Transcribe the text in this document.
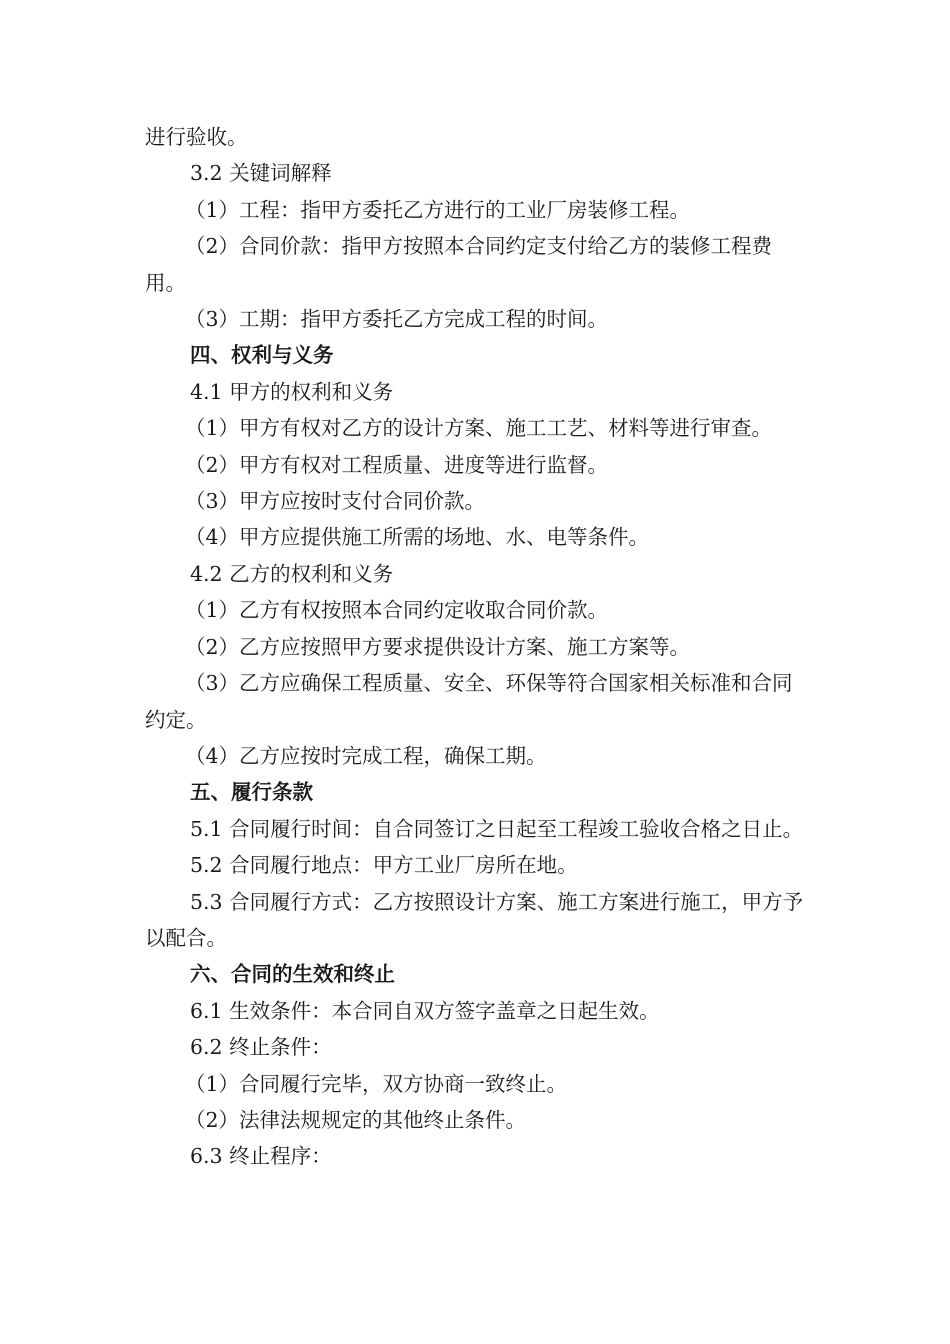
进行验收。

3.2 关键词解释

（1）工程：指甲方委托乙方进行的工业厂房装修工程。

（2）合同价款：指甲方按照本合同约定支付给乙方的装修工程费用。

（3）工期：指甲方委托乙方完成工程的时间。

四、权利与义务

4.1 甲方的权利和义务

（1）甲方有权对乙方的设计方案、施工工艺、材料等进行审查。

（2）甲方有权对工程质量、进度等进行监督。

（3）甲方应按时支付合同价款。

（4）甲方应提供施工所需的场地、水、电等条件。

4.2 乙方的权利和义务

（1）乙方有权按照本合同约定收取合同价款。

（2）乙方应按照甲方要求提供设计方案、施工方案等。

（3）乙方应确保工程质量、安全、环保等符合国家相关标准和合同约定。

（4）乙方应按时完成工程，确保工期。

五、履行条款

5.1 合同履行时间：自合同签订之日起至工程竣工验收合格之日止。

5.2 合同履行地点：甲方工业厂房所在地。

5.3 合同履行方式：乙方按照设计方案、施工方案进行施工，甲方予以配合。

六、合同的生效和终止

6.1 生效条件：本合同自双方签字盖章之日起生效。

6.2 终止条件：

（1）合同履行完毕，双方协商一致终止。

（2）法律法规规定的其他终止条件。

6.3 终止程序：
